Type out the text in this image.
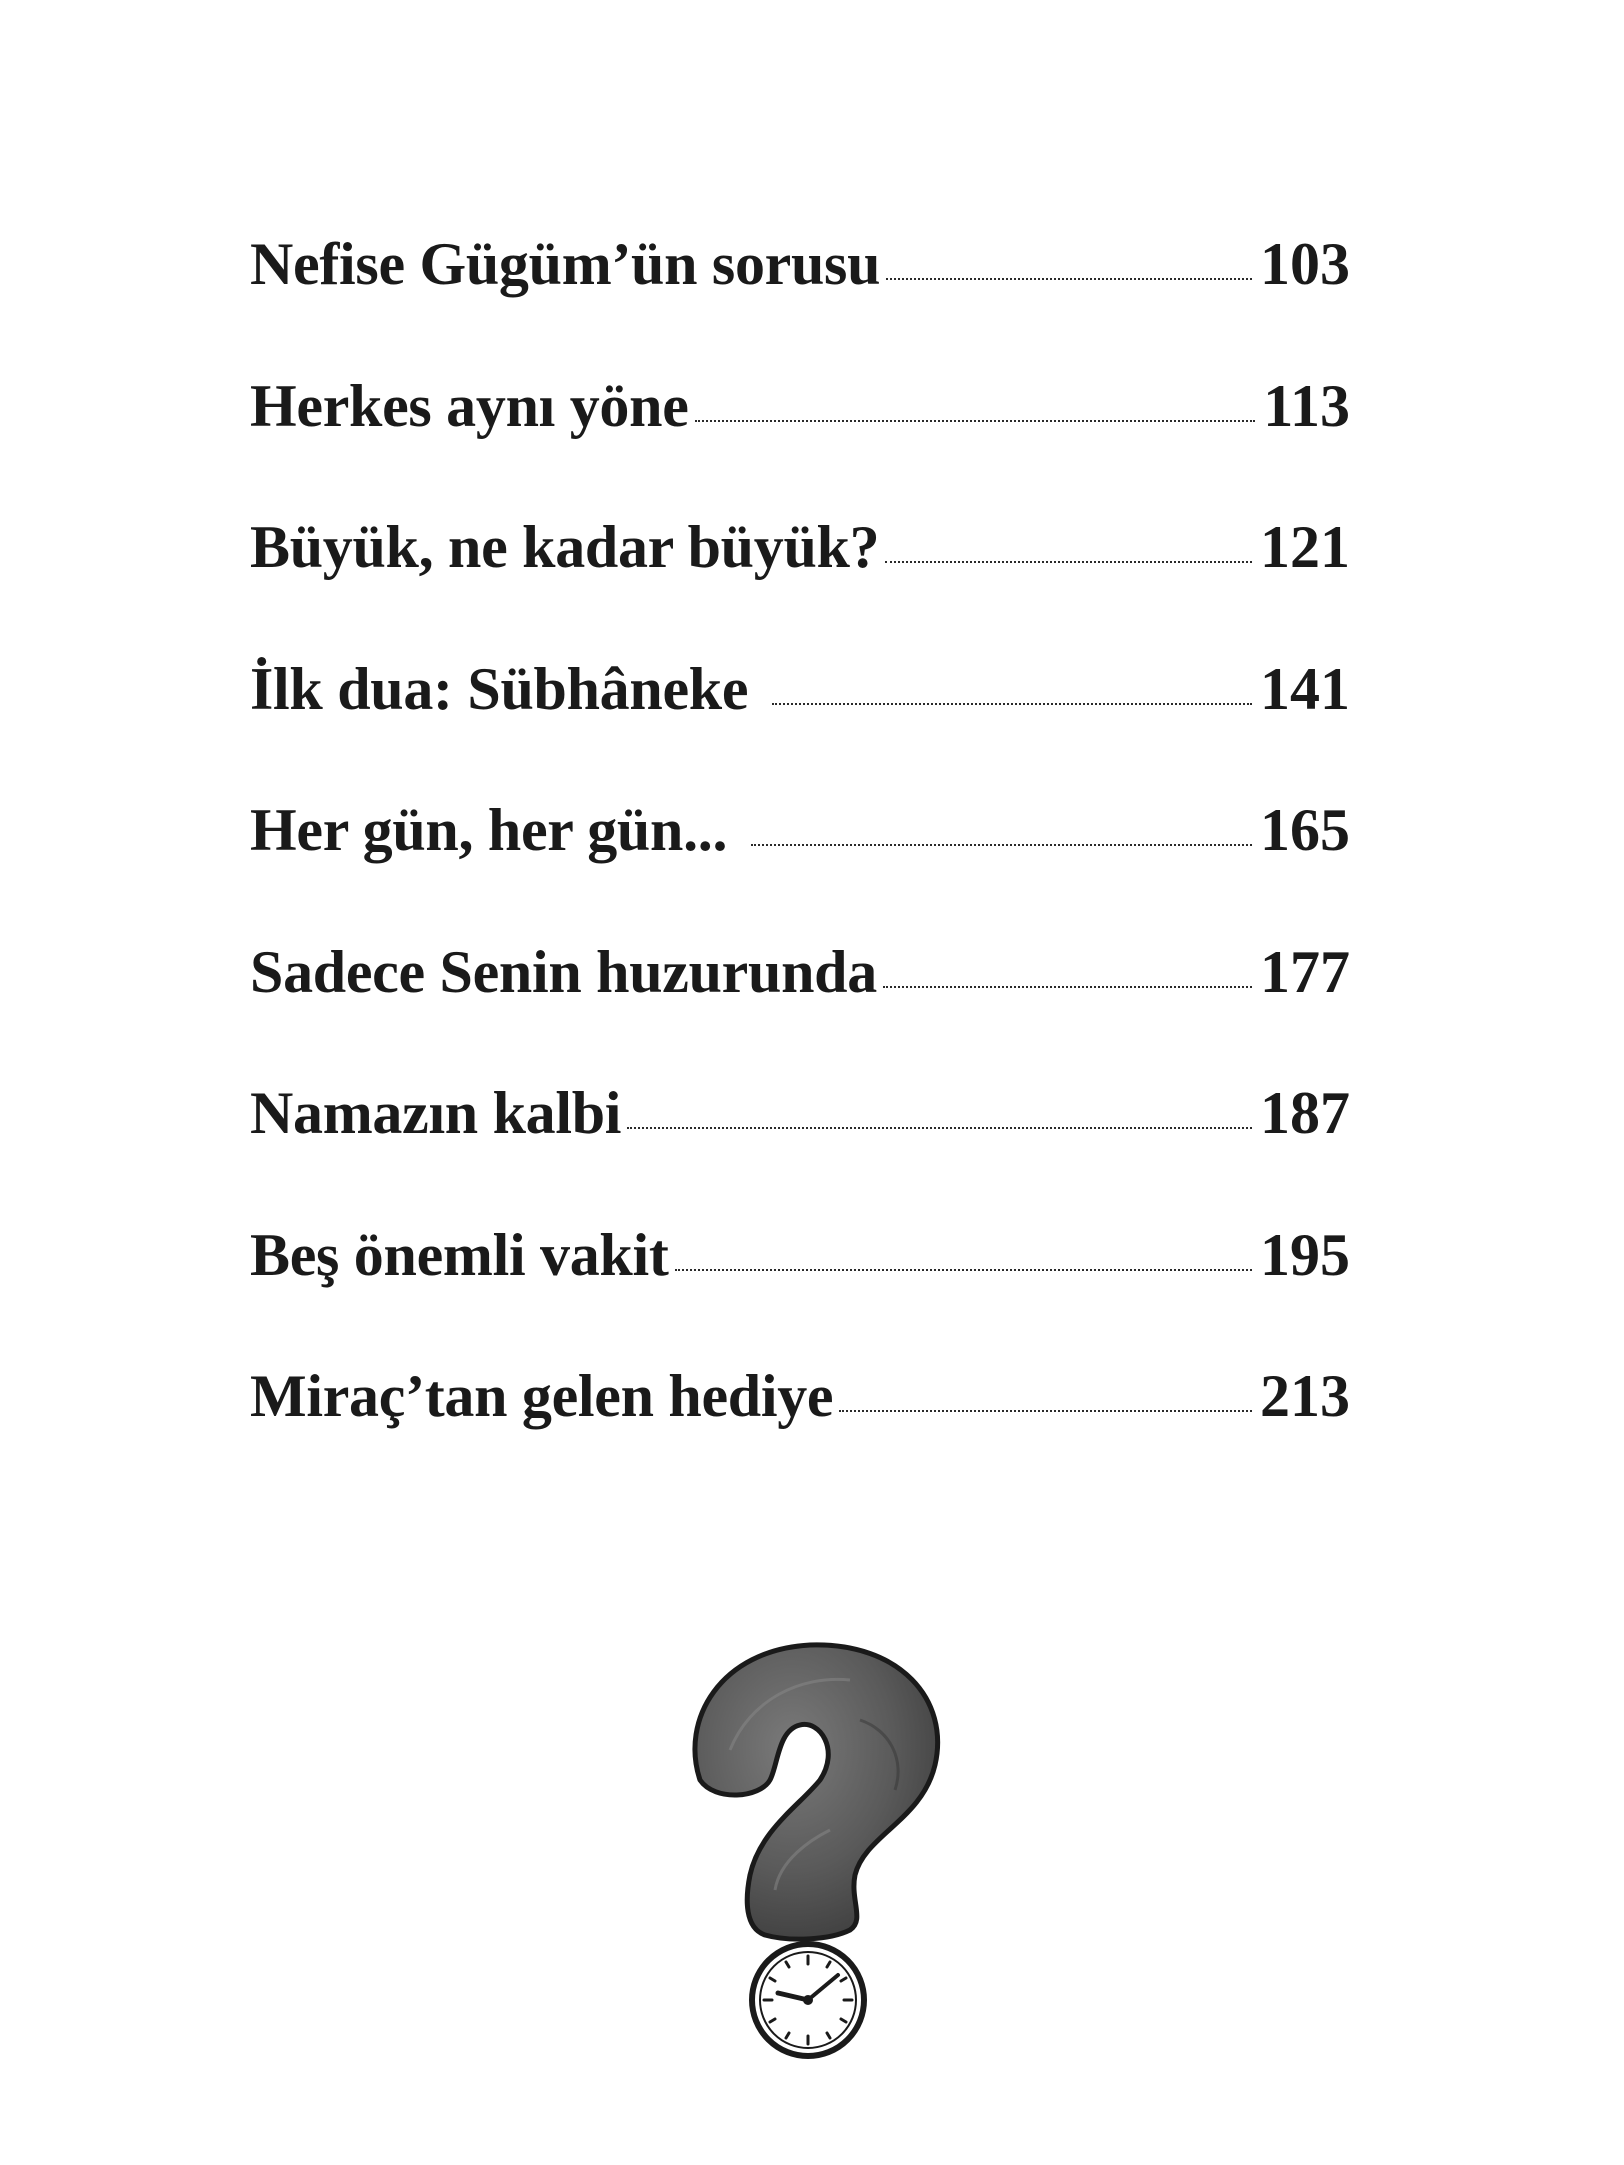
Nefise Gügüm’ün sorusu	103
Herkes aynı yöne	113
Büyük, ne kadar büyük?	121
İlk dua: Sübhâneke	141
Her gün, her gün...	165
Sadece Senin huzurunda	177
Namazın kalbi	187
Beş önemli vakit	195
Miraç’tan gelen hediye	213
